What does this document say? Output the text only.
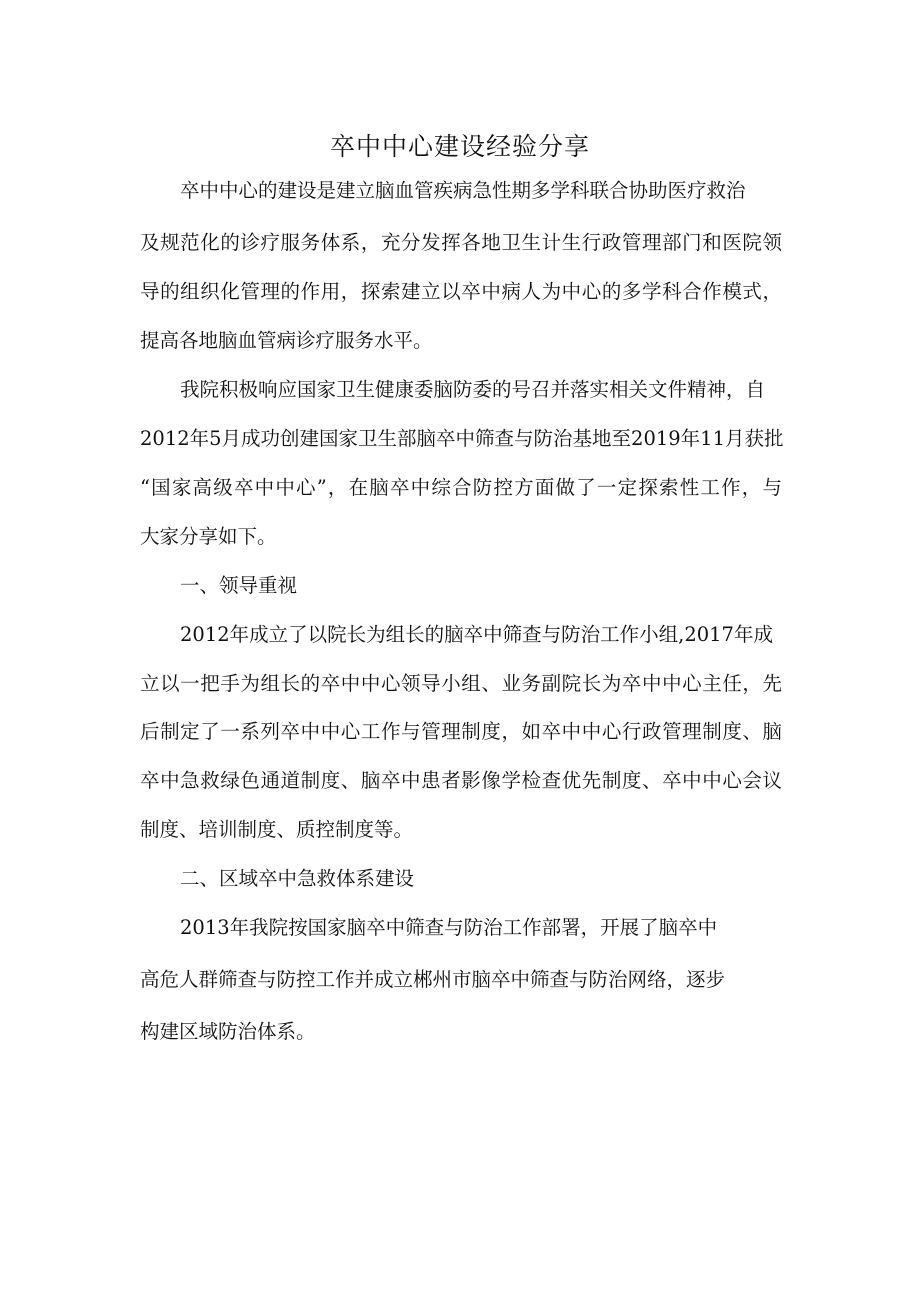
卒中中心建设经验分享
卒中中心的建设是建立脑血管疾病急性期多学科联合协助医疗救治
及规范化的诊疗服务体系，充分发挥各地卫生计生行政管理部门和医院领
导的组织化管理的作用，探索建立以卒中病人为中心的多学科合作模式，
提高各地脑血管病诊疗服务水平。
我院积极响应国家卫生健康委脑防委的号召并落实相关文件精神，自
2012年5月成功创建国家卫生部脑卒中筛查与防治基地至2019年11月获批
“国家高级卒中中心”，在脑卒中综合防控方面做了一定探索性工作，与
大家分享如下。
一、领导重视
2012年成立了以院长为组长的脑卒中筛查与防治工作小组,2017年成
立以一把手为组长的卒中中心领导小组、业务副院长为卒中中心主任，先
后制定了一系列卒中中心工作与管理制度，如卒中中心行政管理制度、脑
卒中急救绿色通道制度、脑卒中患者影像学检查优先制度、卒中中心会议
制度、培训制度、质控制度等。
二、区域卒中急救体系建设
2013年我院按国家脑卒中筛查与防治工作部署，开展了脑卒中
高危人群筛查与防控工作并成立郴州市脑卒中筛查与防治网络，逐步
构建区域防治体系。
